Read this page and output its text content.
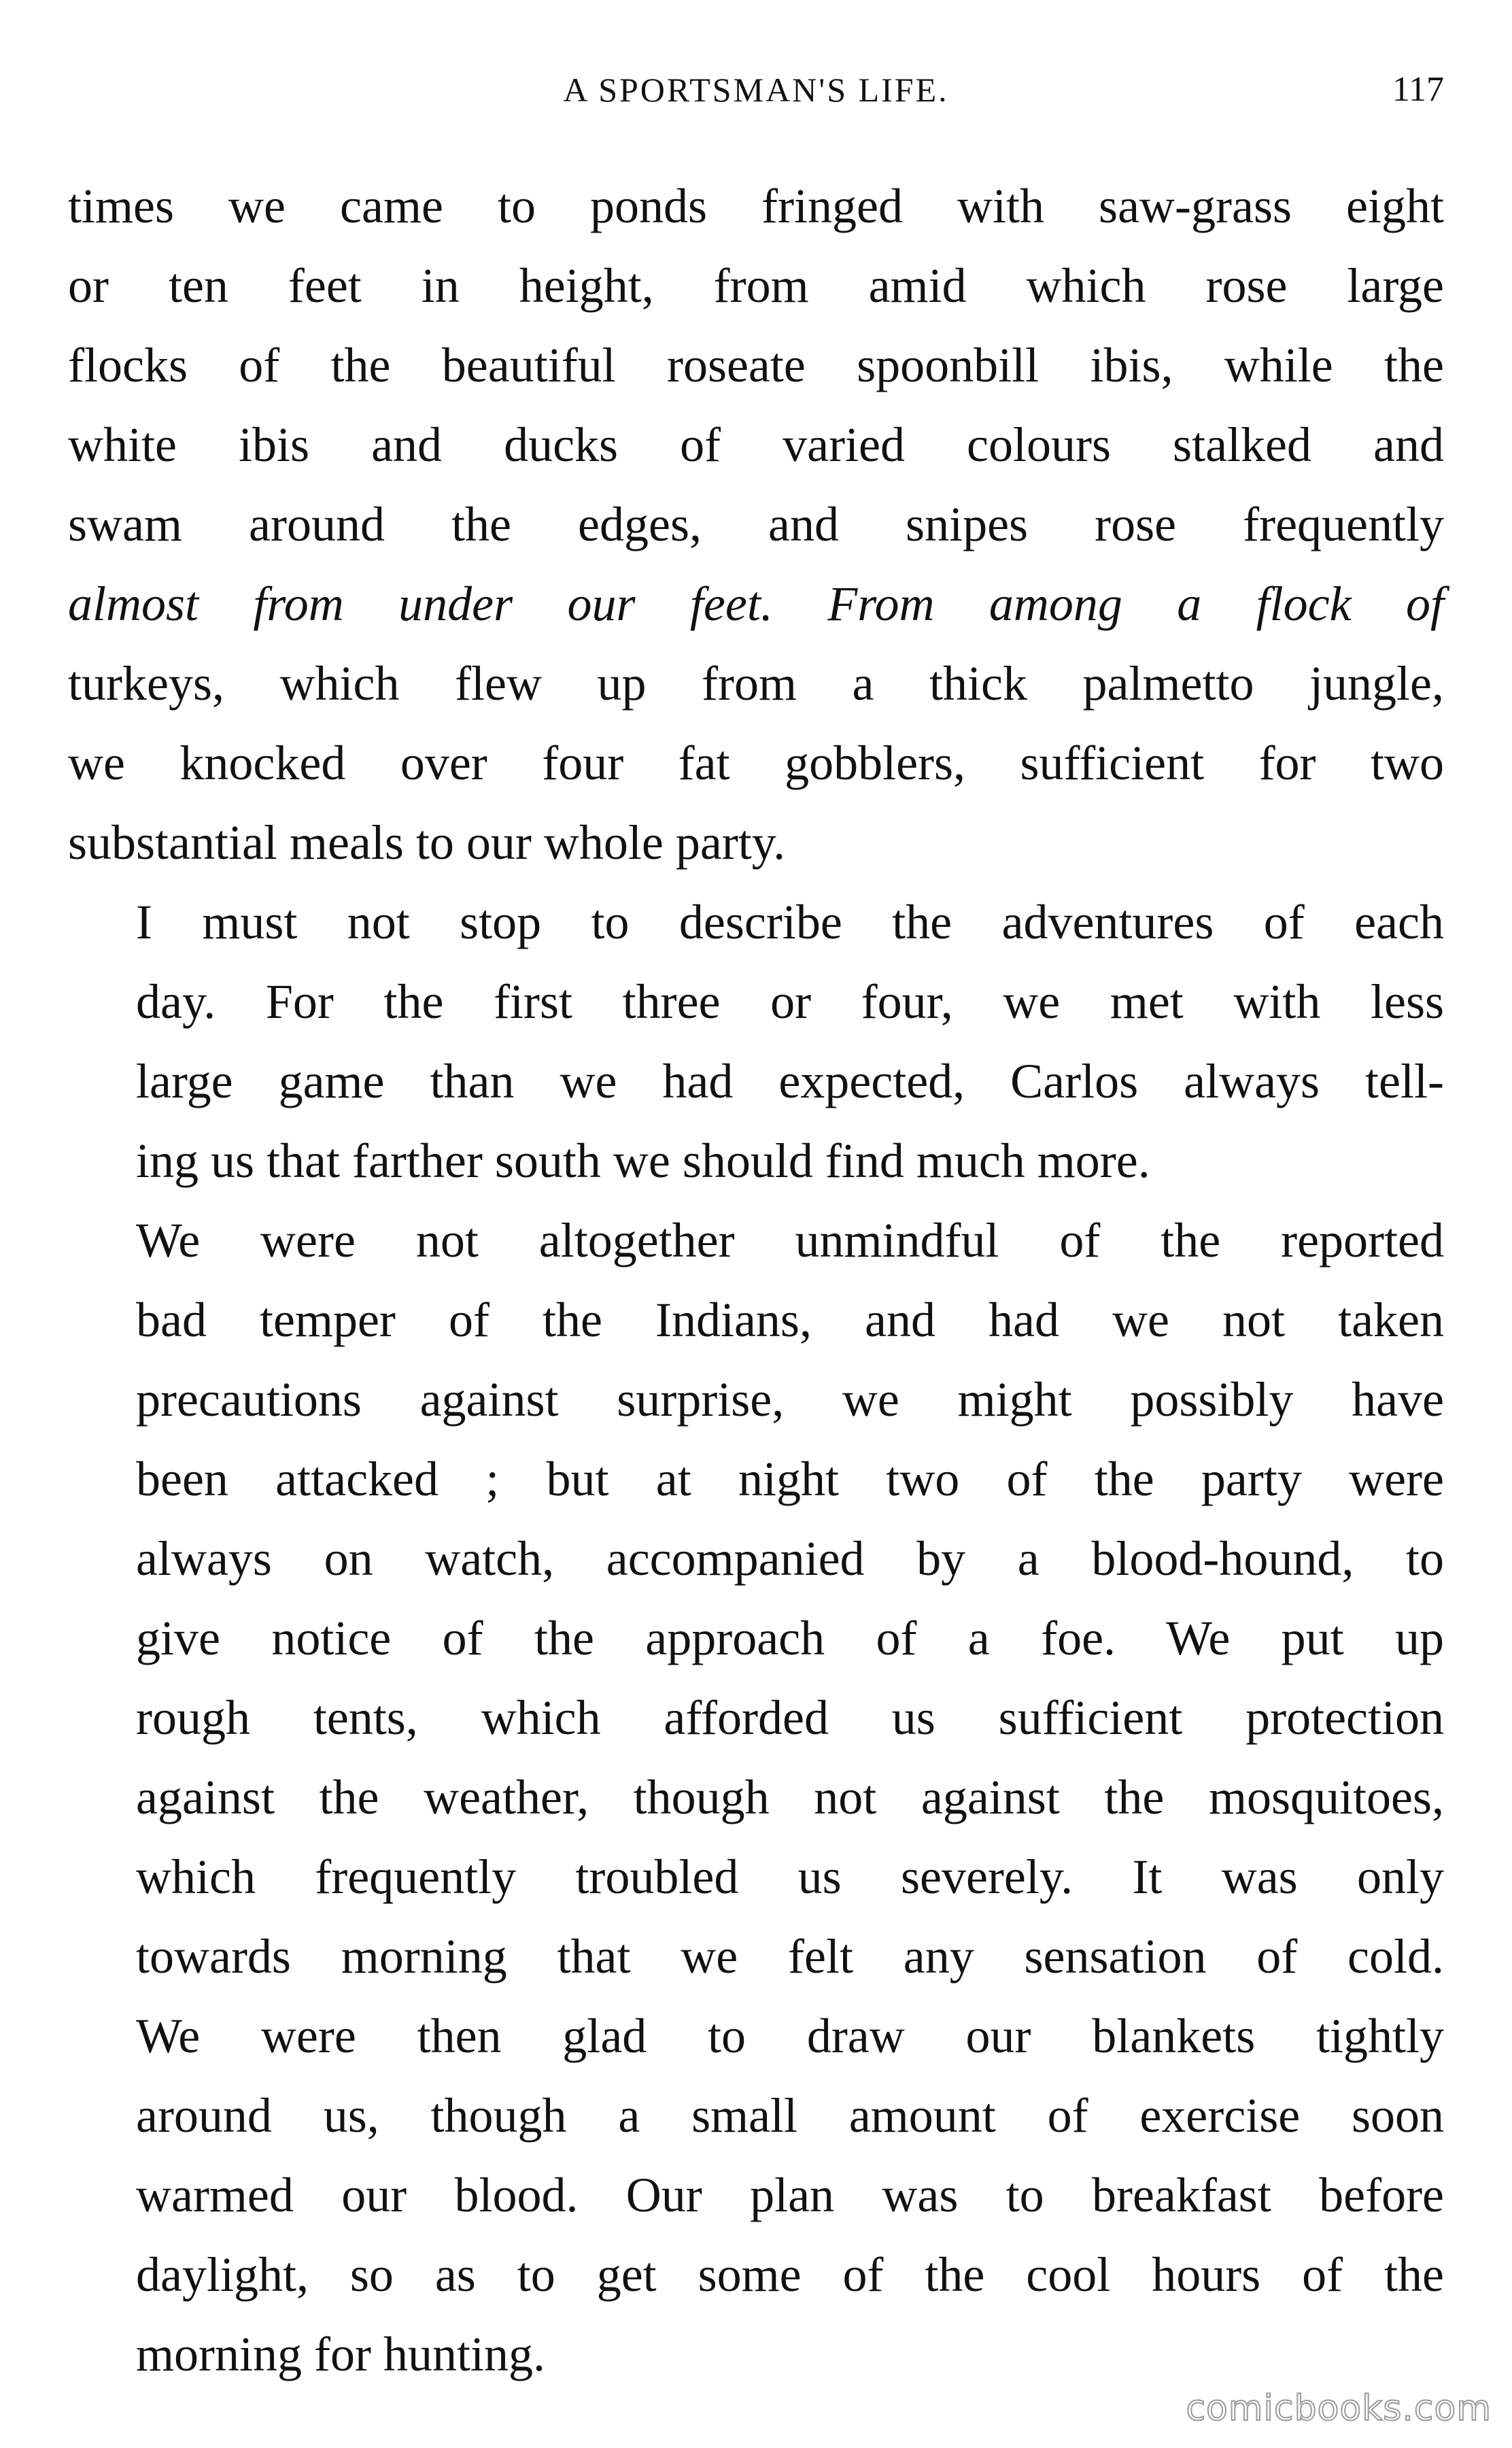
A SPORTSMAN'S LIFE.	117

times we came to ponds fringed with saw-grass eight
or ten feet in height, from amid which rose large
flocks of the beautiful roseate spoonbill ibis, while the
white ibis and ducks of varied colours stalked and
swam around the edges, and snipes rose frequently
almost from under our feet. From among a flock of
turkeys, which flew up from a thick palmetto jungle,
we knocked over four fat gobblers, sufficient for two
substantial meals to our whole party.

I must not stop to describe the adventures of each
day. For the first three or four, we met with less
large game than we had expected, Carlos always tell-
ing us that farther south we should find much more.

We were not altogether unmindful of the reported
bad temper of the Indians, and had we not taken
precautions against surprise, we might possibly have
been attacked ; but at night two of the party were
always on watch, accompanied by a blood-hound, to
give notice of the approach of a foe. We put up
rough tents, which afforded us sufficient protection
against the weather, though not against the mosquitoes,
which frequently troubled us severely. It was only
towards morning that we felt any sensation of cold.
We were then glad to draw our blankets tightly
around us, though a small amount of exercise soon
warmed our blood. Our plan was to breakfast before
daylight, so as to get some of the cool hours of the
morning for hunting.

comicbooks.com
